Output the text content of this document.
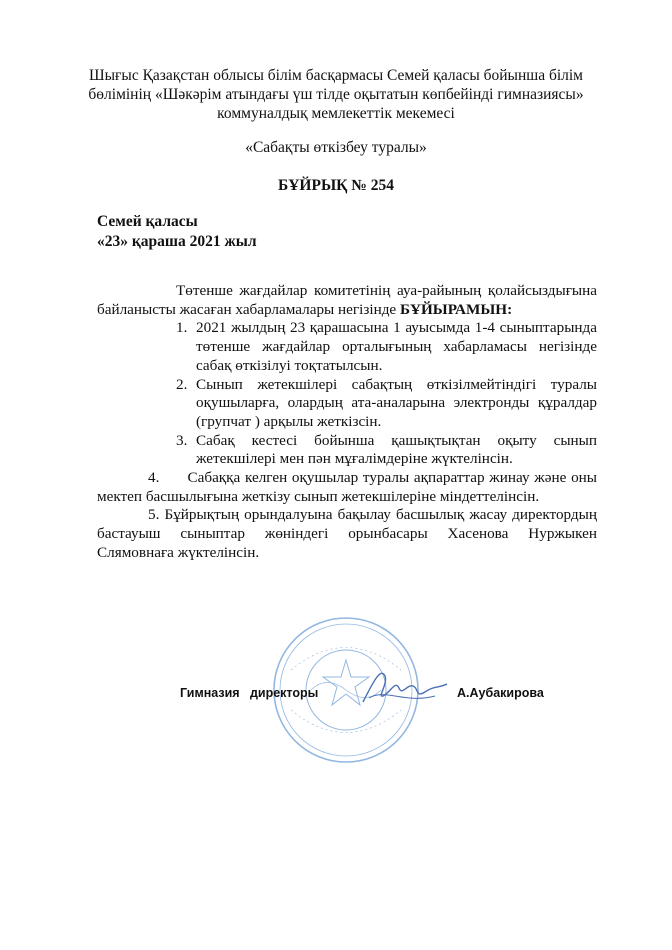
Шығыс Қазақстан облысы білім басқармасы Семей қаласы бойынша білім
бөлімінің «Шәкәрім атындағы үш тілде оқытатын көпбейінді гимназиясы»
коммуналдық мемлекеттік мекемесі
«Сабақты өткізбеу туралы»
БҰЙРЫҚ № 254
Семей қаласы
«23» қараша 2021 жыл

Төтенше жағдайлар комитетінің ауа-райының қолайсыздығына байланысты жасаған хабарламалары негізінде БҰЙЫРАМЫН:

1. 2021 жылдың 23 қарашасына 1 ауысымда 1-4 сыныптарында төтенше жағдайлар орталығының хабарламасы негізінде сабақ өткізілуі тоқтатылсын.
2. Сынып жетекшілері сабақтың өткізілмейтіндігі туралы оқушыларға, олардың ата-аналарына электронды құралдар (групчат ) арқылы жеткізсін.
3. Сабақ кестесі бойынша қашықтықтан оқыту сынып жетекшілері мен пән мұғалімдеріне жүктелінсін.

4.      Сабаққа келген оқушылар туралы ақпараттар жинау және оны мектеп басшылығына жеткізу сынып жетекшілеріне міндеттелінсін.

5. Бұйрықтың орындалуына бақылау басшылық жасау директордың бастауыш сыныптар жөніндегі орынбасары Хасенова Нуржыкен Слямовнаға жүктелінсін.

Гимназия   директоры	А.Аубакирова
